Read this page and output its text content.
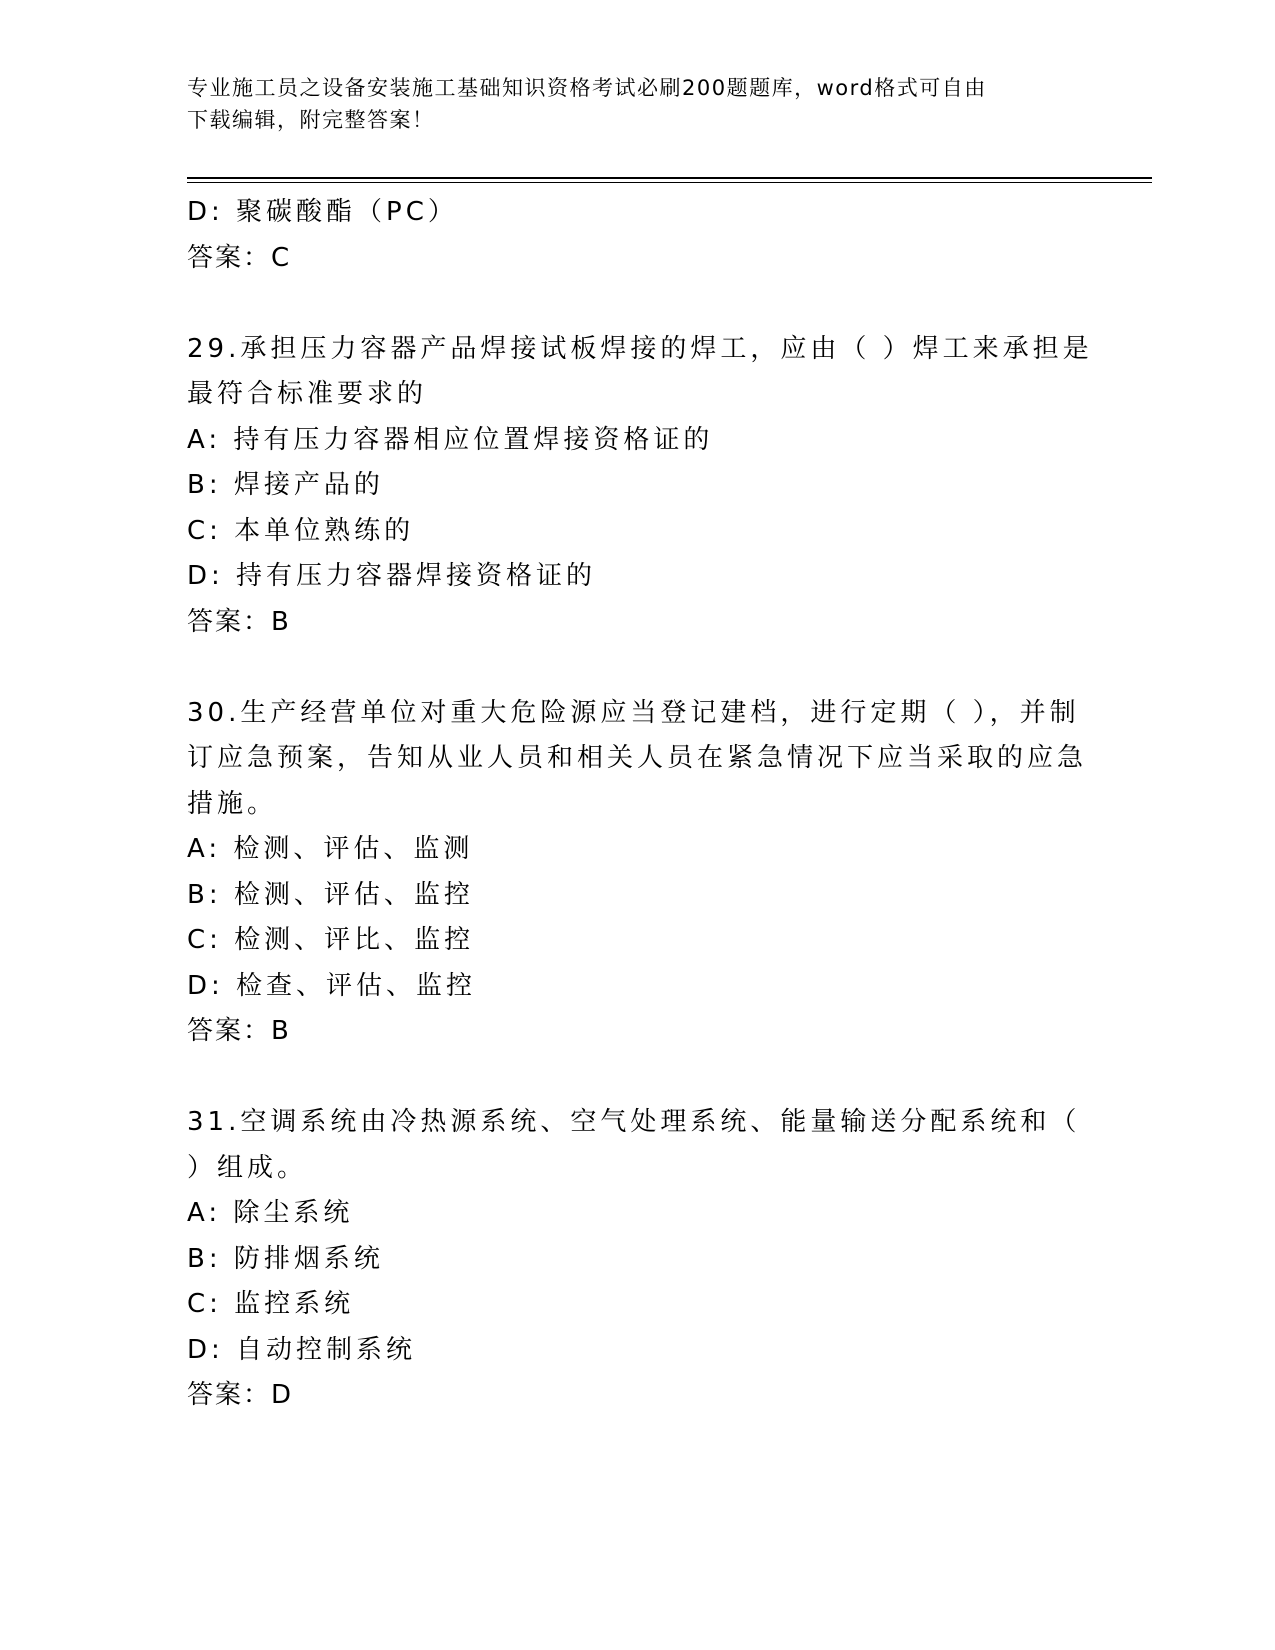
专业施工员之设备安装施工基础知识资格考试必刷200题题库，word格式可自由
下载编辑，附完整答案！
D: 聚碳酸酯（PC）
答案：C
29.承担压力容器产品焊接试板焊接的焊工，应由（ ）焊工来承担是
最符合标准要求的
A: 持有压力容器相应位置焊接资格证的
B: 焊接产品的
C: 本单位熟练的
D: 持有压力容器焊接资格证的
答案：B
30.生产经营单位对重大危险源应当登记建档，进行定期（ ），并制
订应急预案，告知从业人员和相关人员在紧急情况下应当采取的应急
措施。
A: 检测、评估、监测
B: 检测、评估、监控
C: 检测、评比、监控
D: 检查、评估、监控
答案：B
31.空调系统由冷热源系统、空气处理系统、能量输送分配系统和（
）组成。
A: 除尘系统
B: 防排烟系统
C: 监控系统
D: 自动控制系统
答案：D
